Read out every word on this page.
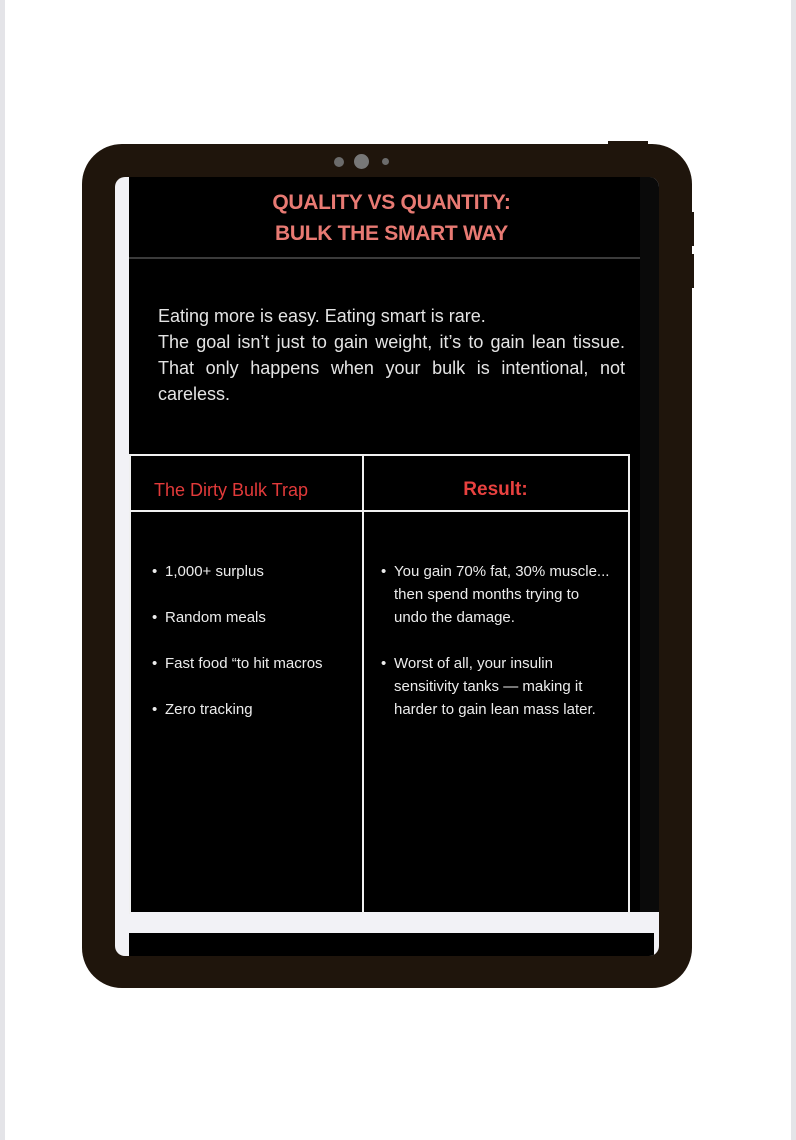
QUALITY VS QUANTITY:
BULK THE SMART WAY

Eating more is easy. Eating smart is rare.

The goal isn’t just to gain weight, it’s to gain lean tissue. That only happens when your bulk is intentional, not careless.

The Dirty Bulk Trap	Result:
• 1,000+ surplus
• Random meals
• Fast food “to hit macros
• Zero tracking
• You gain 70% fat, 30% muscle... then spend months trying to undo the damage.
• Worst of all, your insulin sensitivity tanks — making it harder to gain lean mass later.
